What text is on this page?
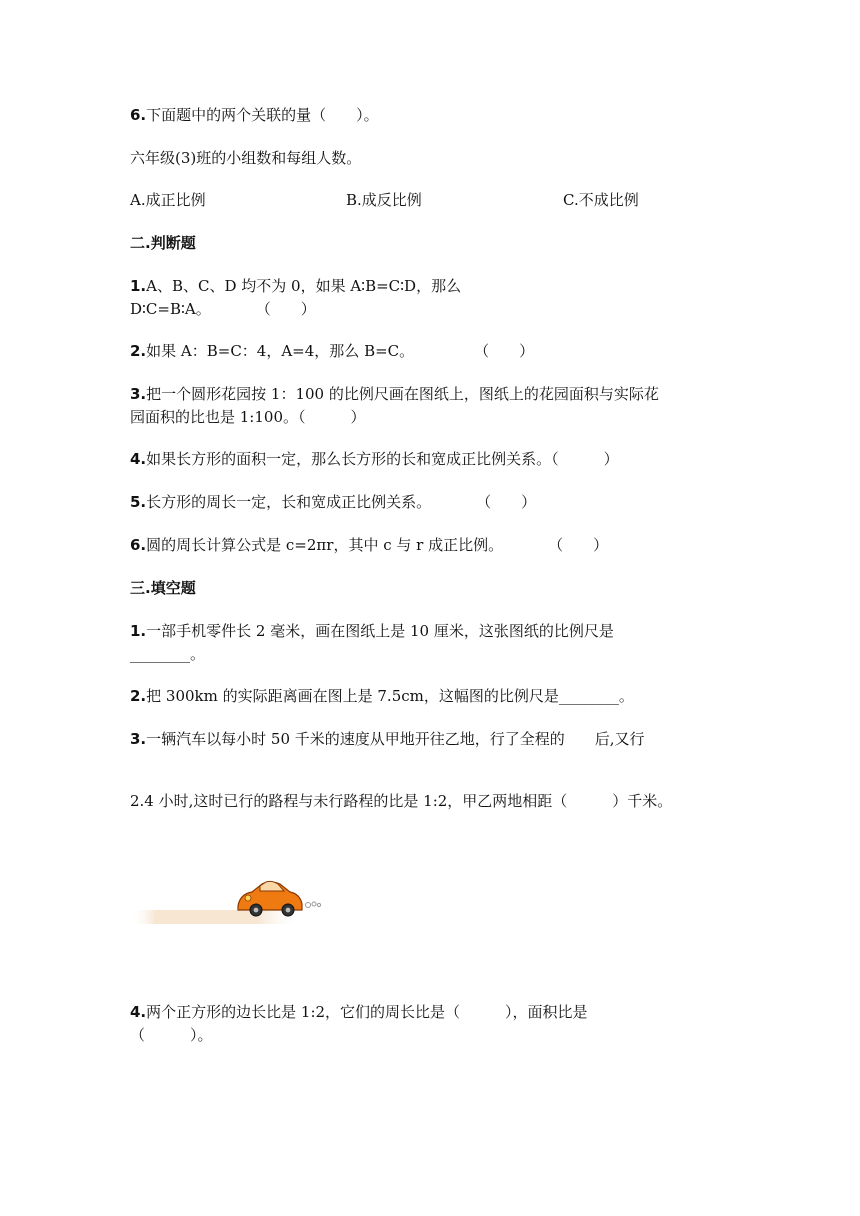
6.下面题中的两个关联的量（　　）。
六年级(3)班的小组数和每组人数。
A.成正比例	B.成反比例	C.不成比例
二.判断题
1.A、B、C、D 均不为 0，如果 A∶B=C∶D，那么
D∶C=B∶A。　　　　（　　）
2.如果 A：B=C：4，A=4，那么 B=C。　　　　　（　　）
3.把一个圆形花园按 1：100 的比例尺画在图纸上，图纸上的花园面积与实际花
园面积的比也是 1:100。（　　　）
4.如果长方形的面积一定，那么长方形的长和宽成正比例关系。（　　　）
5.长方形的周长一定，长和宽成正比例关系。　　　　（　　）
6.圆的周长计算公式是 c=2πr，其中 c 与 r 成正比例。　　　　（　　）
三.填空题
1.一部手机零件长 2 毫米，画在图纸上是 10 厘米，这张图纸的比例尺是
________。
2.把 300km 的实际距离画在图上是 7.5cm，这幅图的比例尺是________。
3.一辆汽车以每小时 50 千米的速度从甲地开往乙地，行了全程的　　后,又行
2.4 小时,这时已行的路程与未行路程的比是 1:2，甲乙两地相距（　　　）千米。
4.两个正方形的边长比是 1:2，它们的周长比是（　　　），面积比是
（　　　）。
